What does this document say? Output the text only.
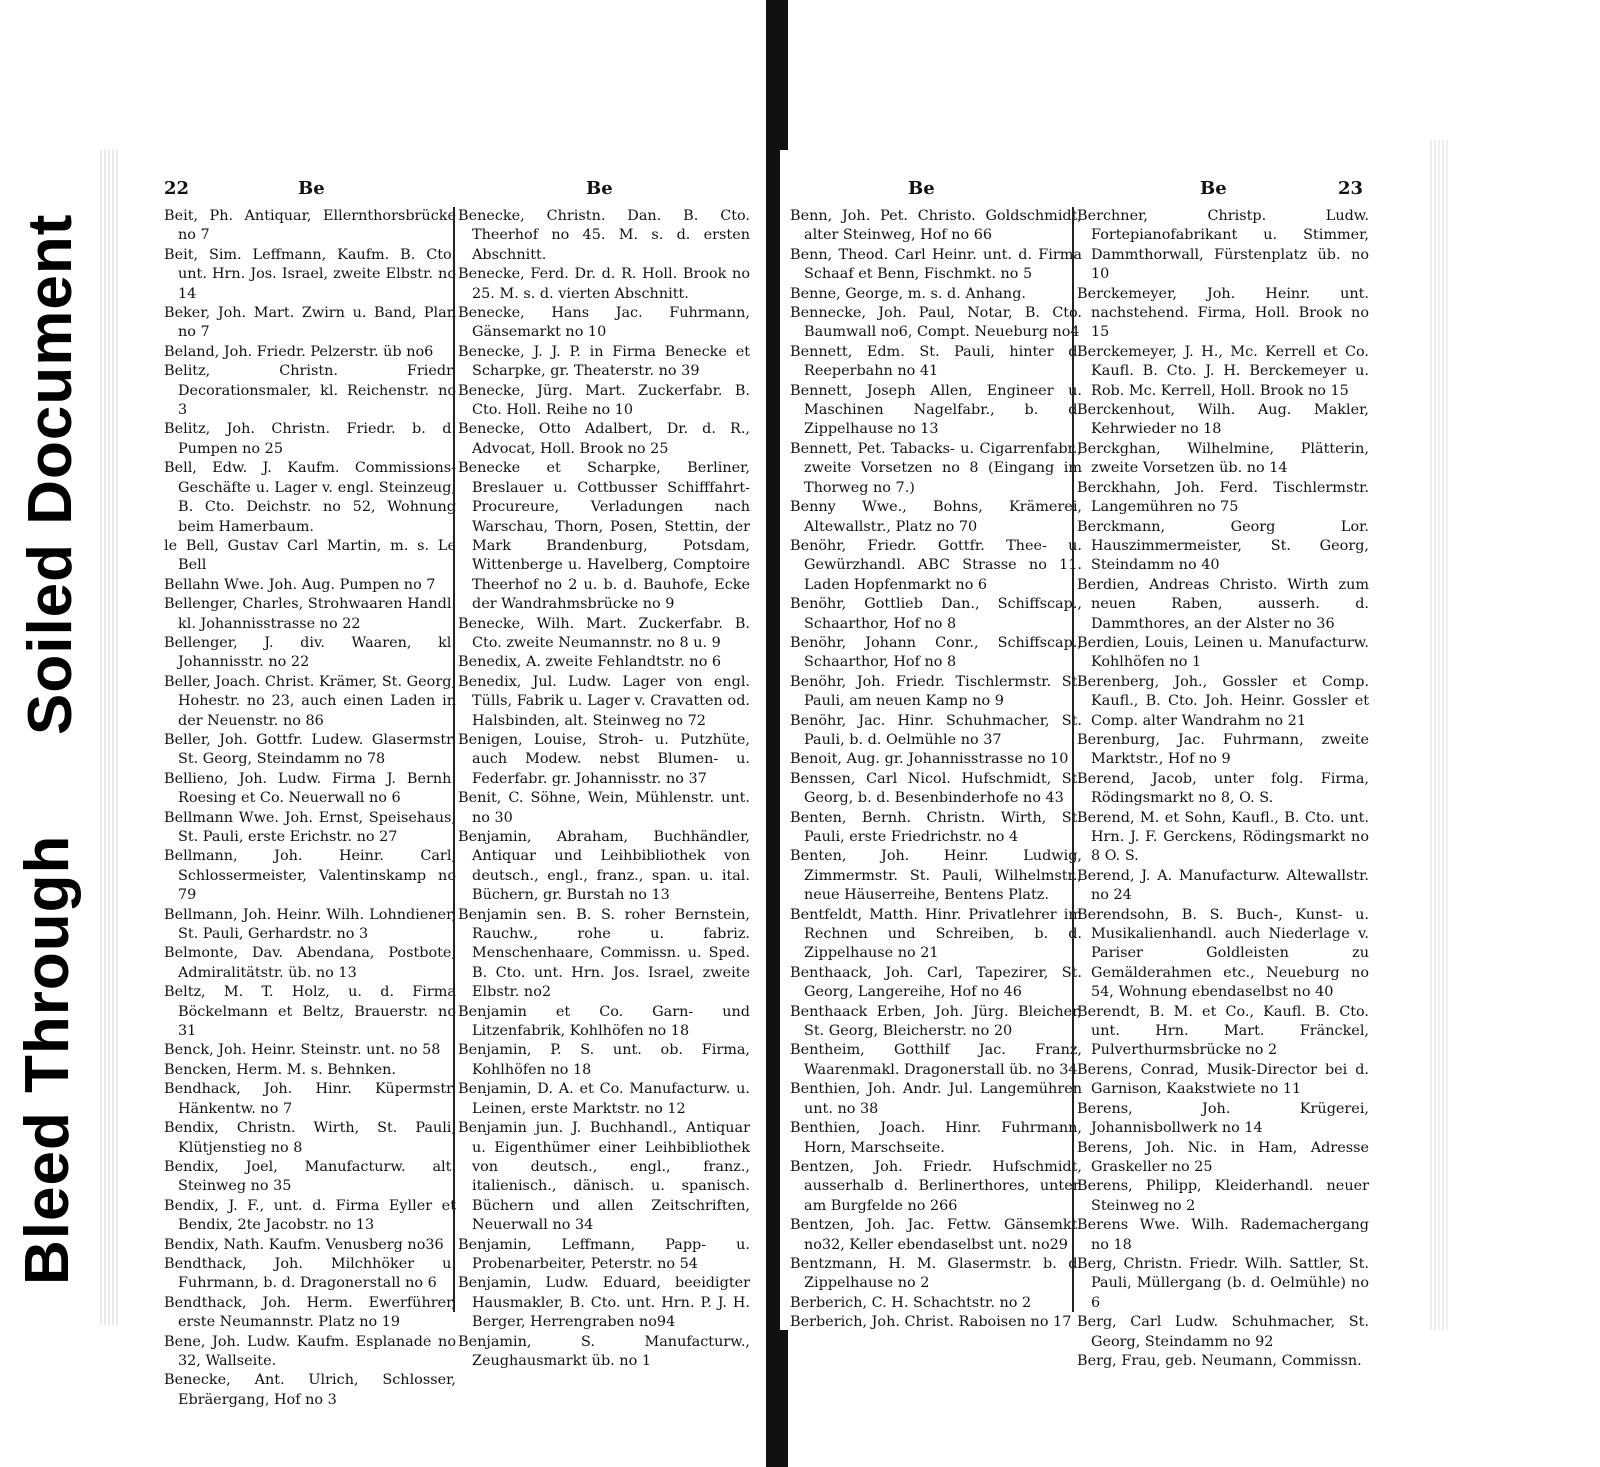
Bleed Through
Soiled Document
22	Be	Be
Beit, Ph. Antiquar, Ellernthorsbrücke no 7
Beit, Sim. Leffmann, Kaufm. B. Cto. unt. Hrn. Jos. Israel, zweite Elbstr. no 14
Beker, Joh. Mart. Zwirn u. Band, Plan no 7
Beland, Joh. Friedr. Pelzerstr. üb no6
Belitz, Christn. Friedr. Decorationsmaler, kl. Reichenstr. no 3
Belitz, Joh. Christn. Friedr. b. d. Pumpen no 25
Bell, Edw. J. Kaufm. Commissions-Geschäfte u. Lager v. engl. Steinzeug, B. Cto. Deichstr. no 52, Wohnung beim Hamerbaum.
le Bell, Gustav Carl Martin, m. s. Le Bell
Bellahn Wwe. Joh. Aug. Pumpen no 7
Bellenger, Charles, Strohwaaren Handl. kl. Johannisstrasse no 22
Bellenger, J. div. Waaren, kl. Johannisstr. no 22
Beller, Joach. Christ. Krämer, St. Georg, Hohestr. no 23, auch einen Laden in der Neuenstr. no 86
Beller, Joh. Gottfr. Ludew. Glasermstr. St. Georg, Steindamm no 78
Bellieno, Joh. Ludw. Firma J. Bernh. Roesing et Co. Neuerwall no 6
Bellmann Wwe. Joh. Ernst, Speisehaus, St. Pauli, erste Erichstr. no 27
Bellmann, Joh. Heinr. Carl, Schlossermeister, Valentinskamp no 79
Bellmann, Joh. Heinr. Wilh. Lohndiener, St. Pauli, Gerhardstr. no 3
Belmonte, Dav. Abendana, Postbote, Admiralitätstr. üb. no 13
Beltz, M. T. Holz, u. d. Firma Böckelmann et Beltz, Brauerstr. no 31
Benck, Joh. Heinr. Steinstr. unt. no 58
Bencken, Herm. M. s. Behnken.
Bendhack, Joh. Hinr. Küpermstr. Hänkentw. no 7
Bendix, Christn. Wirth, St. Pauli, Klütjenstieg no 8
Bendix, Joel, Manufacturw. alt. Steinweg no 35
Bendix, J. F., unt. d. Firma Eyller et Bendix, 2te Jacobstr. no 13
Bendix, Nath. Kaufm. Venusberg no36
Bendthack, Joh. Milchhöker u. Fuhrmann, b. d. Dragonerstall no 6
Bendthack, Joh. Herm. Ewerführer, erste Neumannstr. Platz no 19
Bene, Joh. Ludw. Kaufm. Esplanade no 32, Wallseite.
Benecke, Ant. Ulrich, Schlosser, Ebräergang, Hof no 3
Benecke, Christn. Dan. B. Cto. Theerhof no 45. M. s. d. ersten Abschnitt.
Benecke, Ferd. Dr. d. R. Holl. Brook no 25. M. s. d. vierten Abschnitt.
Benecke, Hans Jac. Fuhrmann, Gänsemarkt no 10
Benecke, J. J. P. in Firma Benecke et Scharpke, gr. Theaterstr. no 39
Benecke, Jürg. Mart. Zuckerfabr. B. Cto. Holl. Reihe no 10
Benecke, Otto Adalbert, Dr. d. R., Advocat, Holl. Brook no 25
Benecke et Scharpke, Berliner, Breslauer u. Cottbusser Schifffahrt-Procureure, Verladungen nach Warschau, Thorn, Posen, Stettin, der Mark Brandenburg, Potsdam, Wittenberge u. Havelberg, Comptoire Theerhof no 2 u. b. d. Bauhofe, Ecke der Wandrahmsbrücke no 9
Benecke, Wilh. Mart. Zuckerfabr. B. Cto. zweite Neumannstr. no 8 u. 9
Benedix, A. zweite Fehlandtstr. no 6
Benedix, Jul. Ludw. Lager von engl. Tülls, Fabrik u. Lager v. Cravatten od. Halsbinden, alt. Steinweg no 72
Benigen, Louise, Stroh- u. Putzhüte, auch Modew. nebst Blumen- u. Federfabr. gr. Johannisstr. no 37
Benit, C. Söhne, Wein, Mühlenstr. unt. no 30
Benjamin, Abraham, Buchhändler, Antiquar und Leihbibliothek von deutsch., engl., franz., span. u. ital. Büchern, gr. Burstah no 13
Benjamin sen. B. S. roher Bernstein, Rauchw., rohe u. fabriz. Menschenhaare, Commissn. u. Sped. B. Cto. unt. Hrn. Jos. Israel, zweite Elbstr. no2
Benjamin et Co. Garn- und Litzenfabrik, Kohlhöfen no 18
Benjamin, P. S. unt. ob. Firma, Kohlhöfen no 18
Benjamin, D. A. et Co. Manufacturw. u. Leinen, erste Marktstr. no 12
Benjamin jun. J. Buchhandl., Antiquar u. Eigenthümer einer Leihbibliothek von deutsch., engl., franz., italienisch., dänisch. u. spanisch. Büchern und allen Zeitschriften, Neuerwall no 34
Benjamin, Leffmann, Papp- u. Probenarbeiter, Peterstr. no 54
Benjamin, Ludw. Eduard, beeidigter Hausmakler, B. Cto. unt. Hrn. P. J. H. Berger, Herrengraben no94
Benjamin, S. Manufacturw., Zeughausmarkt üb. no 1
Be	Be	23
Benn, Joh. Pet. Christo. Goldschmidt, alter Steinweg, Hof no 66
Benn, Theod. Carl Heinr. unt. d. Firma Schaaf et Benn, Fischmkt. no 5
Benne, George, m. s. d. Anhang.
Bennecke, Joh. Paul, Notar, B. Cto. Baumwall no6, Compt. Neueburg no4
Bennett, Edm. St. Pauli, hinter d. Reeperbahn no 41
Bennett, Joseph Allen, Engineer u. Maschinen Nagelfabr., b. d. Zippelhause no 13
Bennett, Pet. Tabacks- u. Cigarrenfabr., zweite Vorsetzen no 8 (Eingang im Thorweg no 7.)
Benny Wwe., Bohns, Krämerei, Altewallstr., Platz no 70
Benöhr, Friedr. Gottfr. Thee- u. Gewürzhandl. ABC Strasse no 11. Laden Hopfenmarkt no 6
Benöhr, Gottlieb Dan., Schiffscap., Schaarthor, Hof no 8
Benöhr, Johann Conr., Schiffscap., Schaarthor, Hof no 8
Benöhr, Joh. Friedr. Tischlermstr. St. Pauli, am neuen Kamp no 9
Benöhr, Jac. Hinr. Schuhmacher, St. Pauli, b. d. Oelmühle no 37
Benoit, Aug. gr. Johannisstrasse no 10
Benssen, Carl Nicol. Hufschmidt, St. Georg, b. d. Besenbinderhofe no 43
Benten, Bernh. Christn. Wirth, St. Pauli, erste Friedrichstr. no 4
Benten, Joh. Heinr. Ludwig, Zimmermstr. St. Pauli, Wilhelmstr., neue Häuserreihe, Bentens Platz.
Bentfeldt, Matth. Hinr. Privatlehrer im Rechnen und Schreiben, b. d. Zippelhause no 21
Benthaack, Joh. Carl, Tapezirer, St. Georg, Langereihe, Hof no 46
Benthaack Erben, Joh. Jürg. Bleicher, St. Georg, Bleicherstr. no 20
Bentheim, Gotthilf Jac. Franz, Waarenmakl. Dragonerstall üb. no 34
Benthien, Joh. Andr. Jul. Langemühren unt. no 38
Benthien, Joach. Hinr. Fuhrmann, Horn, Marschseite.
Bentzen, Joh. Friedr. Hufschmidt, ausserhalb d. Berlinerthores, unten am Burgfelde no 266
Bentzen, Joh. Jac. Fettw. Gänsemkt. no32, Keller ebendaselbst unt. no29
Bentzmann, H. M. Glasermstr. b. d. Zippelhause no 2
Berberich, C. H. Schachtstr. no 2
Berberich, Joh. Christ. Raboisen no 17
Berchner, Christp. Ludw. Fortepianofabrikant u. Stimmer, Dammthorwall, Fürstenplatz üb. no 10
Berckemeyer, Joh. Heinr. unt. nachstehend. Firma, Holl. Brook no 15
Berckemeyer, J. H., Mc. Kerrell et Co. Kaufl. B. Cto. J. H. Berckemeyer u. Rob. Mc. Kerrell, Holl. Brook no 15
Berckenhout, Wilh. Aug. Makler, Kehrwieder no 18
Berckghan, Wilhelmine, Plätterin, zweite Vorsetzen üb. no 14
Berckhahn, Joh. Ferd. Tischlermstr. Langemühren no 75
Berckmann, Georg Lor. Hauszimmermeister, St. Georg, Steindamm no 40
Berdien, Andreas Christo. Wirth zum neuen Raben, ausserh. d. Dammthores, an der Alster no 36
Berdien, Louis, Leinen u. Manufacturw. Kohlhöfen no 1
Berenberg, Joh., Gossler et Comp. Kaufl., B. Cto. Joh. Heinr. Gossler et Comp. alter Wandrahm no 21
Berenburg, Jac. Fuhrmann, zweite Marktstr., Hof no 9
Berend, Jacob, unter folg. Firma, Rödingsmarkt no 8, O. S.
Berend, M. et Sohn, Kaufl., B. Cto. unt. Hrn. J. F. Gerckens, Rödingsmarkt no 8 O. S.
Berend, J. A. Manufacturw. Altewallstr. no 24
Berendsohn, B. S. Buch-, Kunst- u. Musikalienhandl. auch Niederlage v. Pariser Goldleisten zu Gemälderahmen etc., Neueburg no 54, Wohnung ebendaselbst no 40
Berendt, B. M. et Co., Kaufl. B. Cto. unt. Hrn. Mart. Fränckel, Pulverthurmsbrücke no 2
Berens, Conrad, Musik-Director bei d. Garnison, Kaakstwiete no 11
Berens, Joh. Krügerei, Johannisbollwerk no 14
Berens, Joh. Nic. in Ham, Adresse Graskeller no 25
Berens, Philipp, Kleiderhandl. neuer Steinweg no 2
Berens Wwe. Wilh. Rademachergang no 18
Berg, Christn. Friedr. Wilh. Sattler, St. Pauli, Müllergang (b. d. Oelmühle) no 6
Berg, Carl Ludw. Schuhmacher, St. Georg, Steindamm no 92
Berg, Frau, geb. Neumann, Commissn.
